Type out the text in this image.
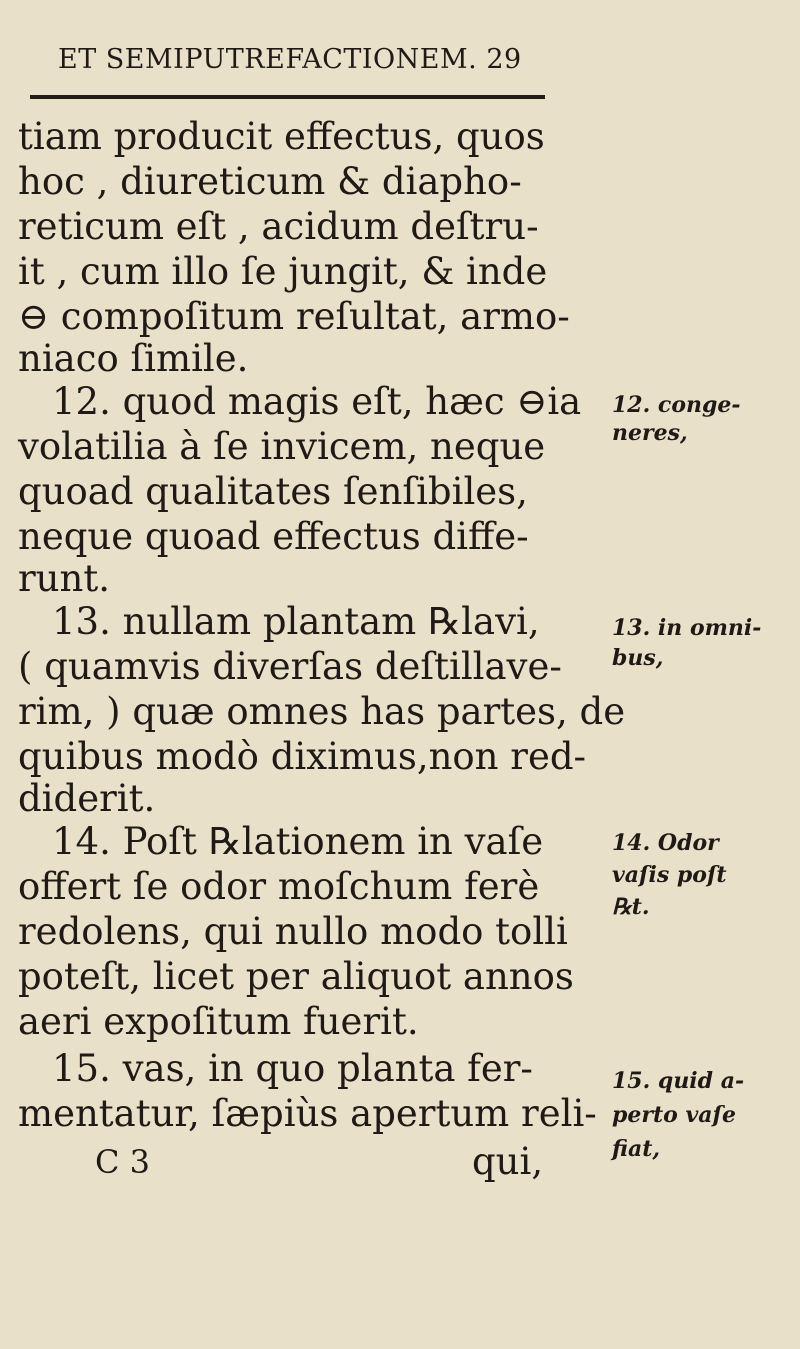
ET SEMIPUTREFACTIONEM. 29
tiam producit effectus, quos
hoc , diureticum & diapho-
reticum eſt , acidum deſtru-
it , cum illo ſe jungit, & inde
⊖ compoſitum reſultat, armo-
niaco ſimile.
12. quod magis eſt, hæc ⊖ia
volatilia à ſe invicem, neque
quoad qualitates ſenſibiles,
neque quoad effectus diffe-
runt.
13. nullam plantam ℞lavi,
( quamvis diverſas deſtillave-
rim, ) quæ omnes has partes, de
quibus modò diximus,non red-
diderit.
14. Poſt ℞lationem in vaſe
offert ſe odor moſchum ferè
redolens, qui nullo modo tolli
poteſt, licet per aliquot annos
aeri expoſitum fuerit.
15. vas, in quo planta fer-
mentatur, ſæpiùs apertum reli-
12. conge-
neres,
13. in omni-
bus,
14. Odor
vaſis poſt
℞t.
15. quid a-
perto vaſe
fiat,
C 3	qui,
